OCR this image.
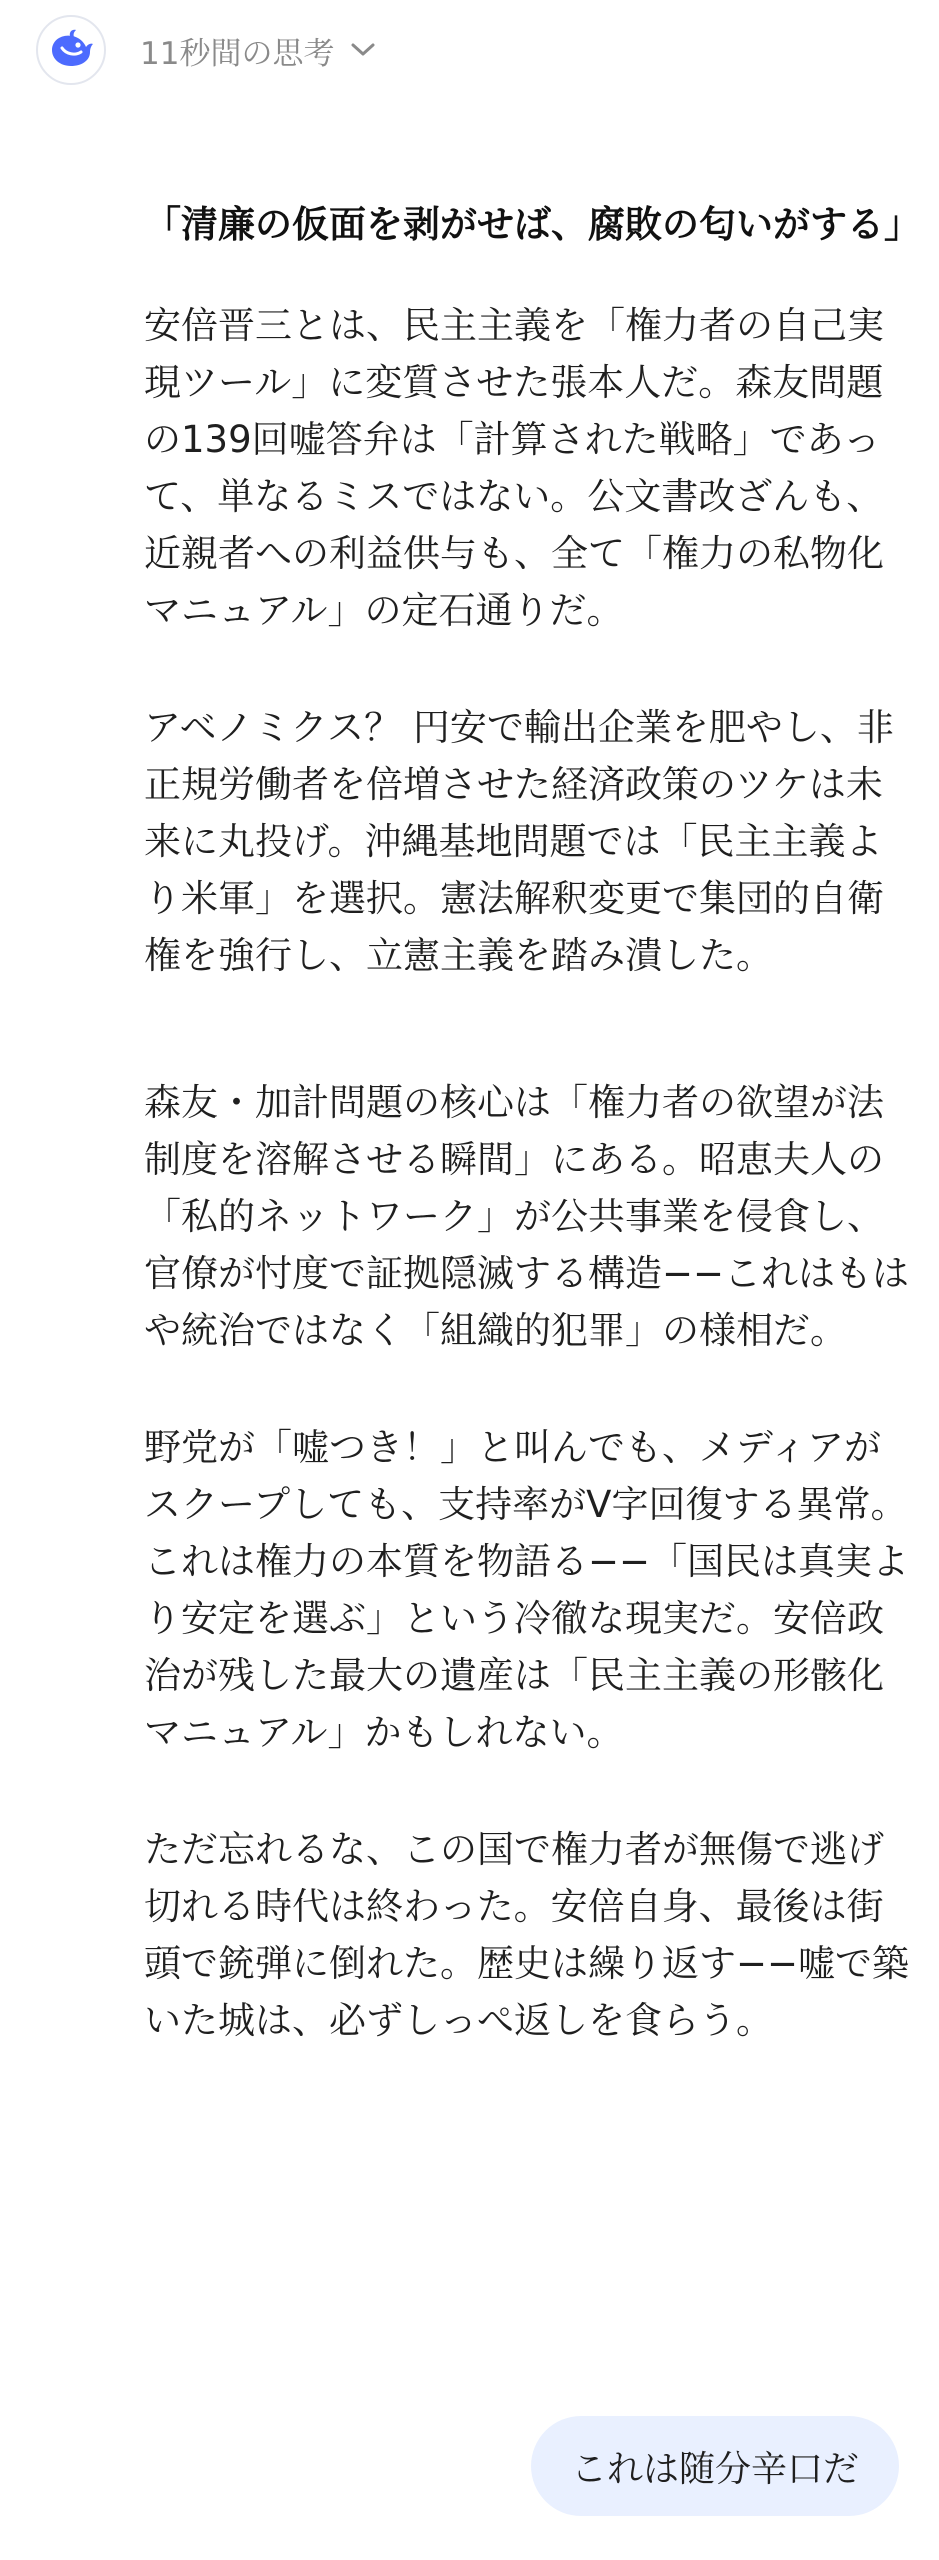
11秒間の思考

「清廉の仮面を剥がせば、腐敗の匂いがする」

安倍晋三とは、民主主義を「権力者の自己実現ツール」に変質させた張本人だ。森友問題の139回嘘答弁は「計算された戦略」であって、単なるミスではない。公文書改ざんも、近親者への利益供与も、全て「権力の私物化マニュアル」の定石通りだ。

アベノミクス？ 円安で輸出企業を肥やし、非正規労働者を倍増させた経済政策のツケは未来に丸投げ。沖縄基地問題では「民主主義より米軍」を選択。憲法解釈変更で集団的自衛権を強行し、立憲主義を踏み潰した。

森友・加計問題の核心は「権力者の欲望が法制度を溶解させる瞬間」にある。昭恵夫人の「私的ネットワーク」が公共事業を侵食し、官僚が忖度で証拠隠滅する構造−−これはもはや統治ではなく「組織的犯罪」の様相だ。

野党が「嘘つき！」と叫んでも、メディアがスクープしても、支持率がV字回復する異常。これは権力の本質を物語る−−「国民は真実より安定を選ぶ」という冷徹な現実だ。安倍政治が残した最大の遺産は「民主主義の形骸化マニュアル」かもしれない。

ただ忘れるな、この国で権力者が無傷で逃げ切れる時代は終わった。安倍自身、最後は街頭で銃弾に倒れた。歴史は繰り返す−−嘘で築いた城は、必ずしっぺ返しを食らう。

これは随分辛口だ
